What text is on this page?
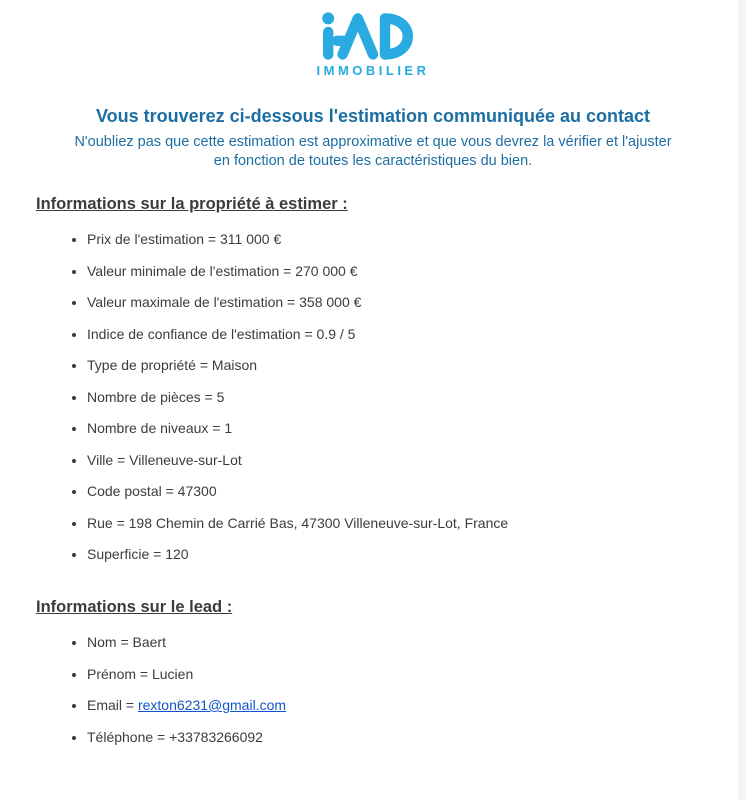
IMMOBILIER
Vous trouverez ci-dessous l'estimation communiquée au contact

N'oubliez pas que cette estimation est approximative et que vous devrez la vérifier et l'ajuster
en fonction de toutes les caractéristiques du bien.

Informations sur la propriété à estimer :
• Prix de l'estimation = 311 000 €
• Valeur minimale de l'estimation = 270 000 €
• Valeur maximale de l'estimation = 358 000 €
• Indice de confiance de l'estimation = 0.9 / 5
• Type de propriété = Maison
• Nombre de pièces = 5
• Nombre de niveaux = 1
• Ville = Villeneuve-sur-Lot
• Code postal = 47300
• Rue = 198 Chemin de Carrié Bas, 47300 Villeneuve-sur-Lot, France
• Superficie = 120
Informations sur le lead :
• Nom = Baert
• Prénom = Lucien
• Email = rexton6231@gmail.com
• Téléphone = +33783266092
